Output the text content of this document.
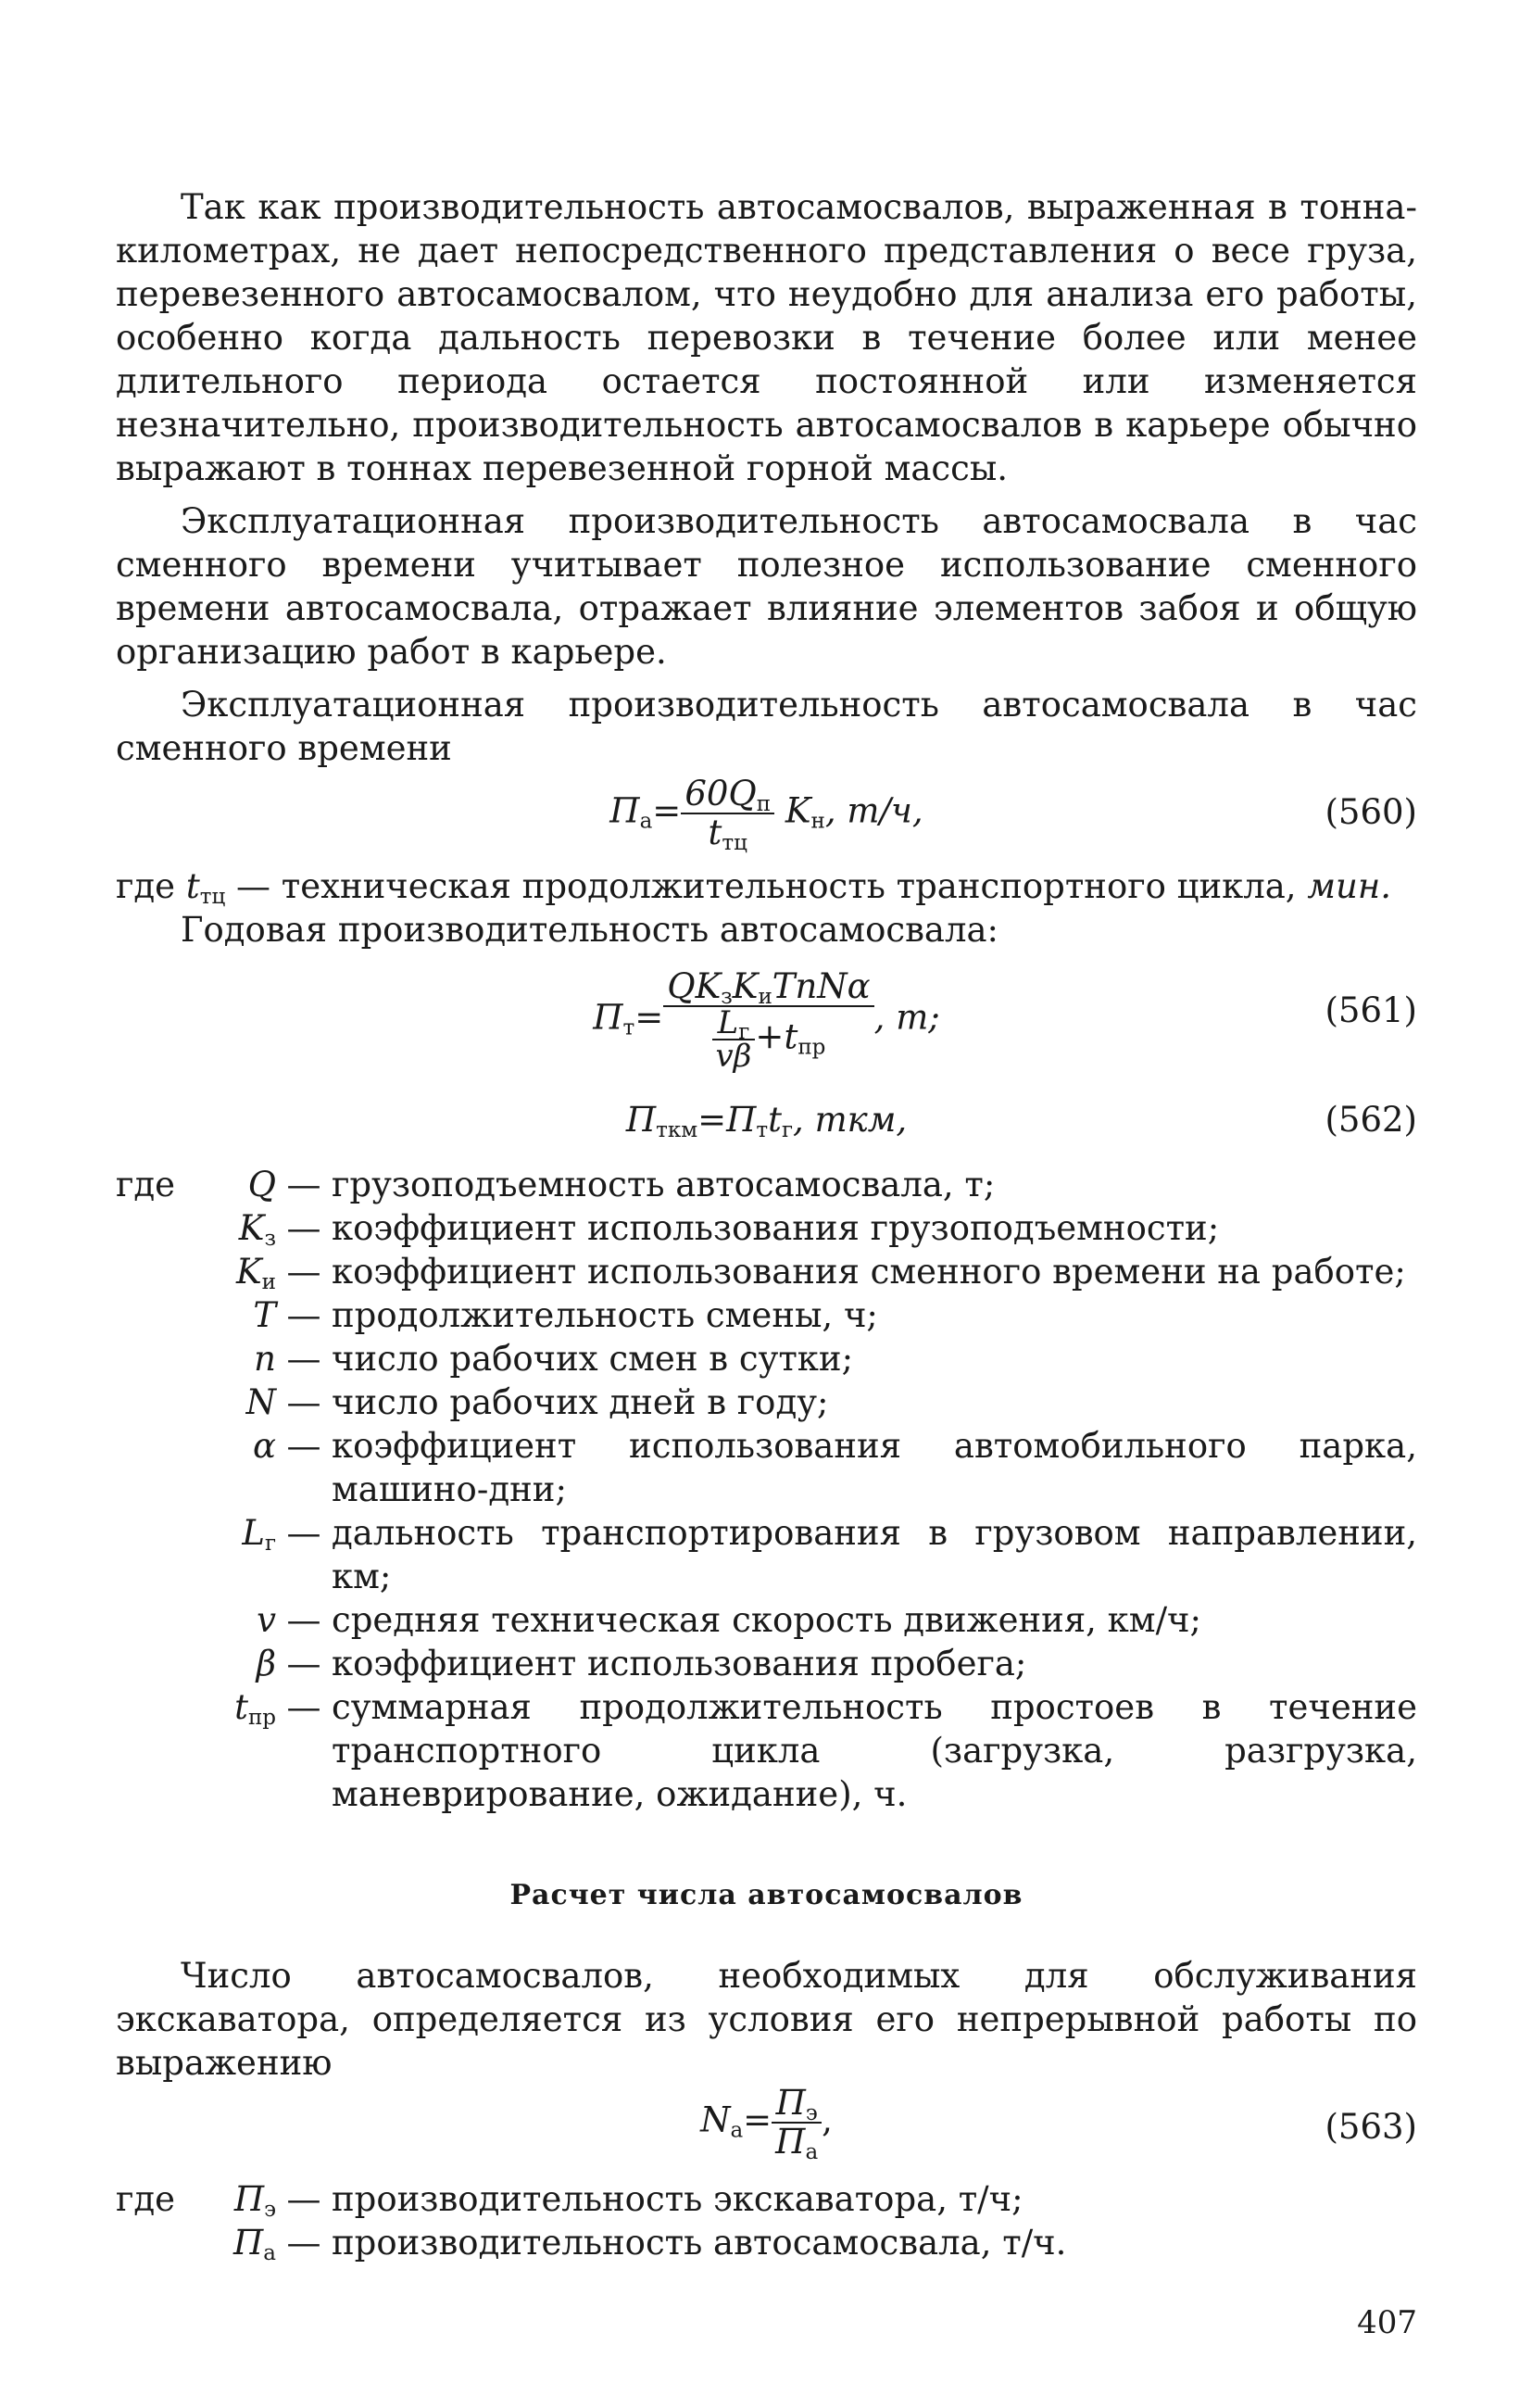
Так как производительность автосамосвалов, выраженная в тонна-километрах, не дает непосредственного представления о весе груза, перевезенного автосамосвалом, что неудобно для анализа его работы, особенно когда дальность перевозки в течение более или менее длительного периода остается постоянной или изменяется незначительно, производительность автосамосвалов в карьере обычно выражают в тоннах перевезенной горной массы.

Эксплуатационная производительность автосамосвала в час сменного времени учитывает полезное использование сменного времени автосамосвала, отражает влияние элементов забоя и общую организацию работ в карьере.

Эксплуатационная производительность автосамосвала в час сменного времени

$П_а= \frac{60Q_п}{t_{тц}} K_н$, т/ч,	(560)
где $t_{тц}$ — техническая продолжительность транспортного цикла, мин.

Годовая производительность автосамосвала:

$П_т= \frac{QK_зK_иTnN\alpha}{\frac{L_г}{v\beta} +t_{пр}}$ , т;	(561)
$П_{ткм}=П_тt_г$, ткм,	(562)
где	Q — грузоподъемность автосамосвала, т;
$K_з$ — коэффициент использования грузоподъемности;
$K_и$ — коэффициент использования сменного времени на работе;
T — продолжительность смены, ч;
n — число рабочих смен в сутки;
N — число рабочих дней в году;
α — коэффициент использования автомобильного парка, машино-дни;
$L_г$ — дальность транспортирования в грузовом направлении, км;
v — средняя техническая скорость движения, км/ч;
β — коэффициент использования пробега;
$t_{пр}$ — суммарная продолжительность простоев в течение транспортного цикла (загрузка, разгрузка, маневрирование, ожидание), ч.
Расчет числа автосамосвалов

Число автосамосвалов, необходимых для обслуживания экскаватора, определяется из условия его непрерывной работы по выражению

$N_а= \frac{П_э}{П_а}$ ,	(563)
где	$П_э$ — производительность экскаватора, т/ч;
$П_а$ — производительность автосамосвала, т/ч.
407
